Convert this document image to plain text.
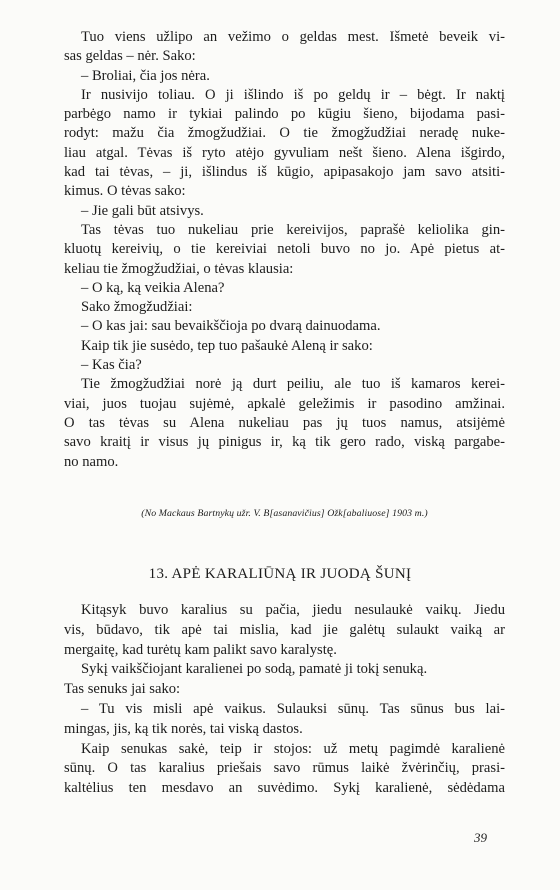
Tuo viens užlipo an vežimo o geldas mest. Išmetė beveik vi-
sas geldas – nėr. Sako:
– Broliai, čia jos nėra.
Ir nusivijo toliau. O ji išlindo iš po geldų ir – bėgt. Ir naktį
parbėgo namo ir tykiai palindo po kūgiu šieno, bijodama pasi-
rodyt: mažu čia žmogžudžiai. O tie žmogžudžiai neradę nuke-
liau atgal. Tėvas iš ryto atėjo gyvuliam nešt šieno. Alena išgirdo,
kad tai tėvas, – ji, išlindus iš kūgio, apipasakojo jam savo atsiti-
kimus. O tėvas sako:
– Jie gali būt atsivys.
Tas tėvas tuo nukeliau prie kereivijos, paprašė keliolika gin-
kluotų kereivių, o tie kereiviai netoli buvo no jo. Apė pietus at-
keliau tie žmogžudžiai, o tėvas klausia:
– O ką, ką veikia Alena?
Sako žmogžudžiai:
– O kas jai: sau bevaikščioja po dvarą dainuodama.
Kaip tik jie susėdo, tep tuo pašaukė Aleną ir sako:
– Kas čia?
Tie žmogžudžiai norė ją durt peiliu, ale tuo iš kamaros kerei-
viai, juos tuojau sujėmė, apkalė geležimis ir pasodino amžinai.
O tas tėvas su Alena nukeliau pas jų tuos namus, atsijėmė
savo kraitį ir visus jų pinigus ir, ką tik gero rado, viską pargabe-
no namo.
(No Mackaus Bartnykų užr. V. B[asanavičius] Ožk[abaliuose] 1903 m.)
13. APĖ KARALIŪNĄ IR JUODĄ ŠUNĮ
Kitąsyk buvo karalius su pačia, jiedu nesulaukė vaikų. Jiedu
vis, būdavo, tik apė tai mislia, kad jie galėtų sulaukt vaiką ar
mergaitę, kad turėtų kam palikt savo karalystę.
Sykį vaikščiojant karalienei po sodą, pamatė ji tokį senuką.
Tas senuks jai sako:
– Tu vis misli apė vaikus. Sulauksi sūnų. Tas sūnus bus lai-
mingas, jis, ką tik norės, tai viską dastos.
Kaip senukas sakė, teip ir stojos: už metų pagimdė karalienė
sūnų. O tas karalius priešais savo rūmus laikė žvėrinčių, prasi-
kaltėlius ten mesdavo an suvėdimo. Sykį karalienė, sėdėdama
39
